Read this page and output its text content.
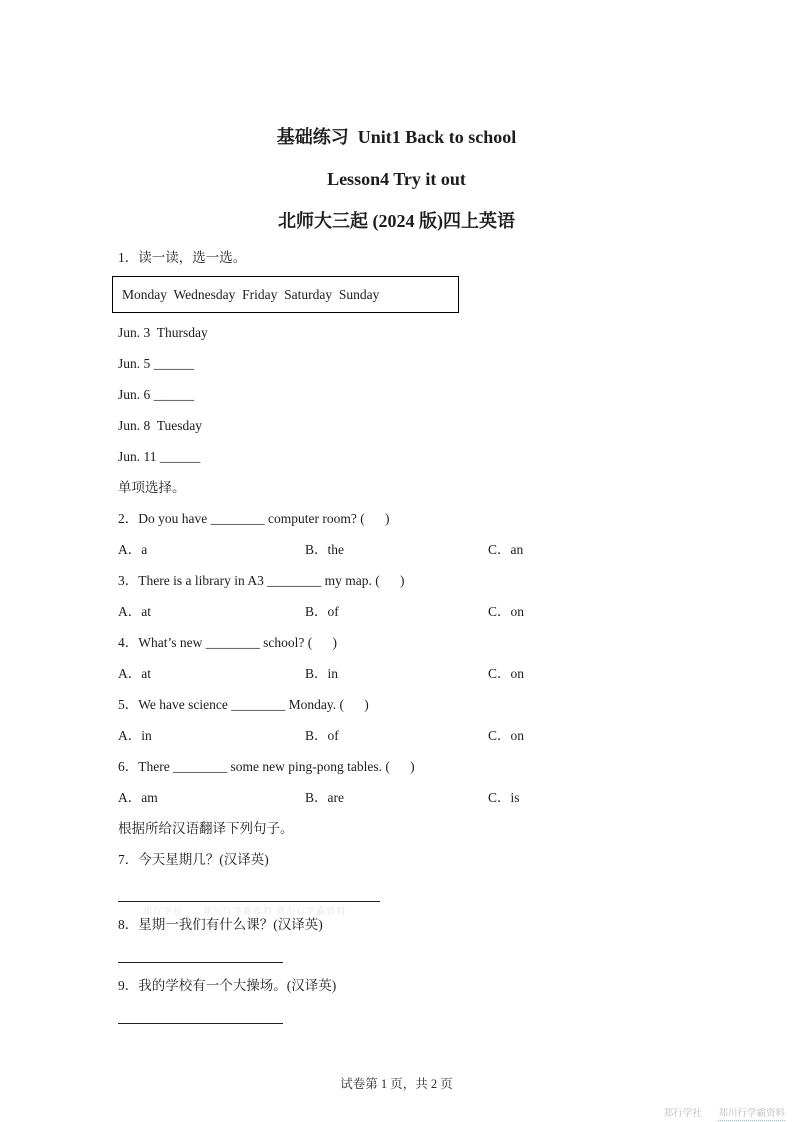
基础练习  Unit1 Back to school
Lesson4 Try it out
北师大三起 (2024 版)四上英语
1．读一读，选一选。
Monday  Wednesday  Friday  Saturday  Sunday
Jun. 3  Thursday
Jun. 5 ______
Jun. 6 ______
Jun. 8  Tuesday
Jun. 11 ______
单项选择。
2．Do you have ________ computer room? (      )
A．a	B．the	C．an
3．There is a library in A3 ________ my map. (      )
A．at	B．of	C．on
4．What’s new ________ school? (      )
A．at	B．in	C．on
5．We have science ________ Monday. (      )
A．in	B．of	C．on
6．There ________ some new ping-pong tables. (      )
A．am	B．are	C．is
根据所给汉语翻译下列句子。
7．今天星期几？(汉译英)
8．星期一我们有什么课？(汉译英)
9．我的学校有一个大操场。(汉译英)
郑行学社　　郑川行学霸资料 郑川行学霸资料
试卷第 1 页，共 2 页
郑行学社 郑川行学霸资料
